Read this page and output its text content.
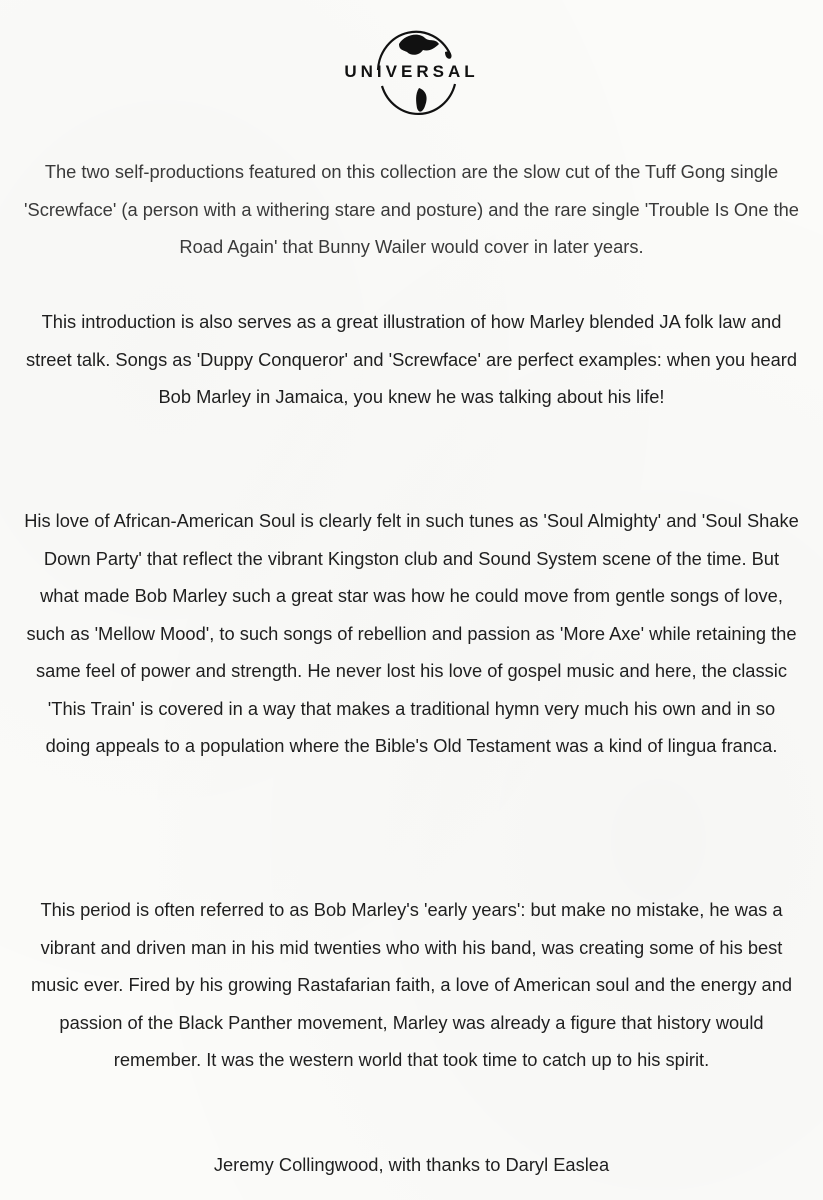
UNIVERSAL

The two self-productions featured on this collection are the slow cut of the Tuff Gong single 'Screwface' (a person with a withering stare and posture) and the rare single 'Trouble Is One the Road Again' that Bunny Wailer would cover in later years.

This introduction is also serves as a great illustration of how Marley blended JA folk law and street talk. Songs as 'Duppy Conqueror' and 'Screwface' are perfect examples: when you heard Bob Marley in Jamaica, you knew he was talking about his life!

His love of African-American Soul is clearly felt in such tunes as 'Soul Almighty' and 'Soul Shake Down Party' that reflect the vibrant Kingston club and Sound System scene of the time. But what made Bob Marley such a great star was how he could move from gentle songs of love, such as 'Mellow Mood', to such songs of rebellion and passion as 'More Axe' while retaining the same feel of power and strength. He never lost his love of gospel music and here, the classic 'This Train' is covered in a way that makes a traditional hymn very much his own and in so doing appeals to a population where the Bible's Old Testament was a kind of lingua franca.

This period is often referred to as Bob Marley's 'early years': but make no mistake, he was a vibrant and driven man in his mid twenties who with his band, was creating some of his best music ever. Fired by his growing Rastafarian faith, a love of American soul and the energy and passion of the Black Panther movement, Marley was already a figure that history would remember. It was the western world that took time to catch up to his spirit.

Jeremy Collingwood, with thanks to Daryl Easlea
